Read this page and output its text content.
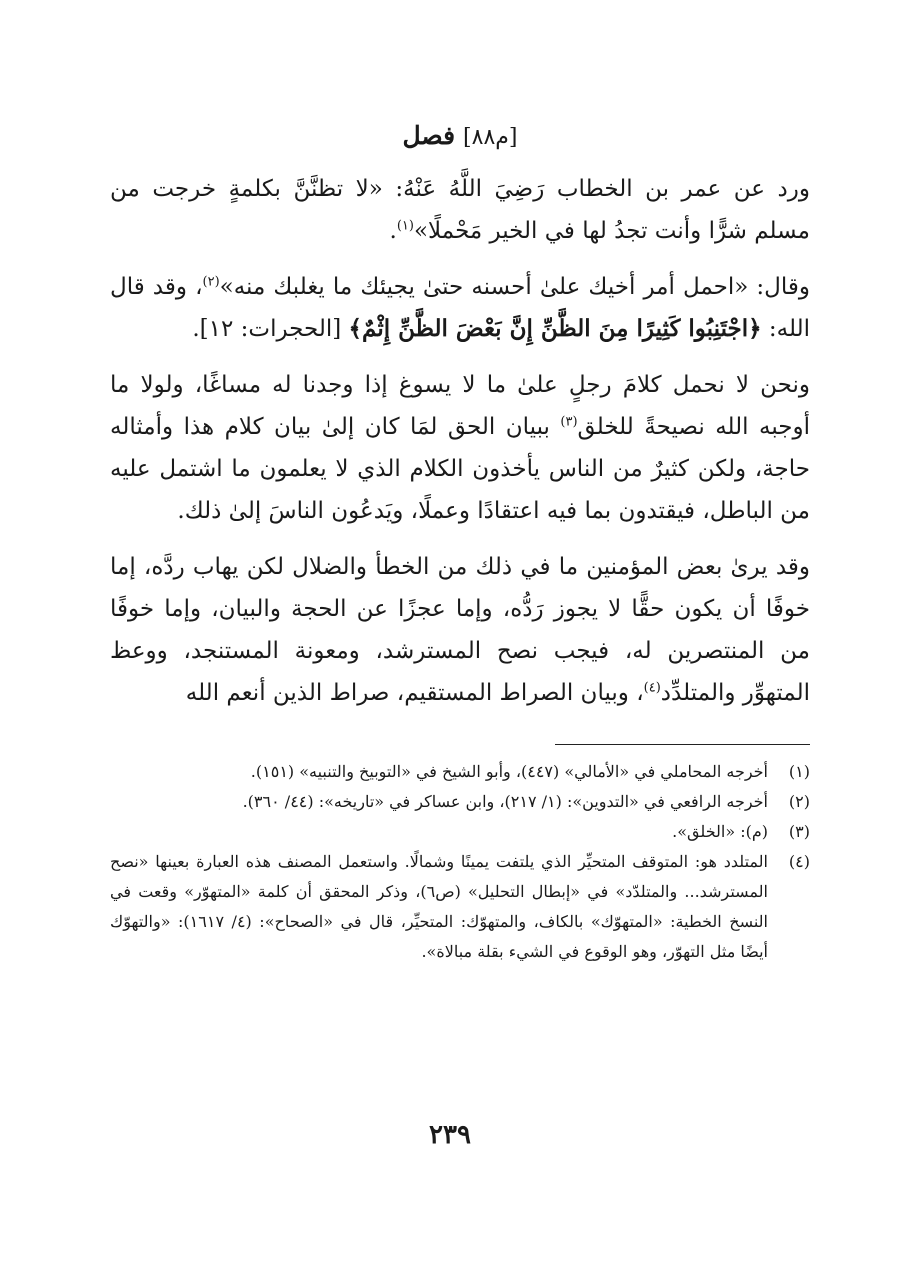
[م٨٨] فصل

ورد عن عمر بن الخطاب رَضِيَ اللَّهُ عَنْهُ: «لا تظنَّنَّ بكلمةٍ خرجت من مسلم شرًّا وأنت تجدُ لها في الخير مَحْملًا»$^{(١)}$.

وقال: «احمل أمر أخيك علىٰ أحسنه حتىٰ يجيئك ما يغلبك منه»$^{(٢)}$، وقد قال الله: ﴿اجْتَنِبُوا كَثِيرًا مِنَ الظَّنِّ إِنَّ بَعْضَ الظَّنِّ إِثْمٌ﴾ [الحجرات: ١٢].

ونحن لا نحمل كلامَ رجلٍ علىٰ ما لا يسوغ إذا وجدنا له مساغًا، ولولا ما أوجبه الله نصيحةً للخلق$^{(٣)}$ ببيان الحق لمَا كان إلىٰ بيان كلام هذا وأمثاله حاجة، ولكن كثيرٌ من الناس يأخذون الكلام الذي لا يعلمون ما اشتمل عليه من الباطل، فيقتدون بما فيه اعتقادًا وعملًا، ويَدعُون الناسَ إلىٰ ذلك.

وقد يرىٰ بعض المؤمنين ما في ذلك من الخطأ والضلال لكن يهاب ردَّه، إما خوفًا أن يكون حقًّا لا يجوز رَدُّه، وإما عجزًا عن الحجة والبيان، وإما خوفًا من المنتصرين له، فيجب نصح المسترشد، ومعونة المستنجد، ووعظ المتهوِّر والمتلدِّد$^{(٤)}$، وبيان الصراط المستقيم، صراط الذين أنعم الله

(١)
أخرجه المحاملي في «الأمالي» (٤٤٧)، وأبو الشيخ في «التوبيخ والتنبيه» (١٥١).
(٢)
أخرجه الرافعي في «التدوين»: (١/ ٢١٧)، وابن عساكر في «تاريخه»: (٤٤/ ٣٦٠).
(٣)
(م): «الخلق».
(٤)
المتلدد هو: المتوقف المتحيِّر الذي يلتفت يمينًا وشمالًا. واستعمل المصنف هذه العبارة بعينها «نصح المسترشد... والمتلدّد» في «إبطال التحليل» (ص٦)، وذكر المحقق أن كلمة «المتهوّر» وقعت في النسخ الخطية: «المتهوّك» بالكاف، والمتهوّك: المتحيِّر، قال في «الصحاح»: (٤/ ١٦١٧): «والتهوّك أيضًا مثل التهوّر، وهو الوقوع في الشيء بقلة مبالاة».
٢٣٩
